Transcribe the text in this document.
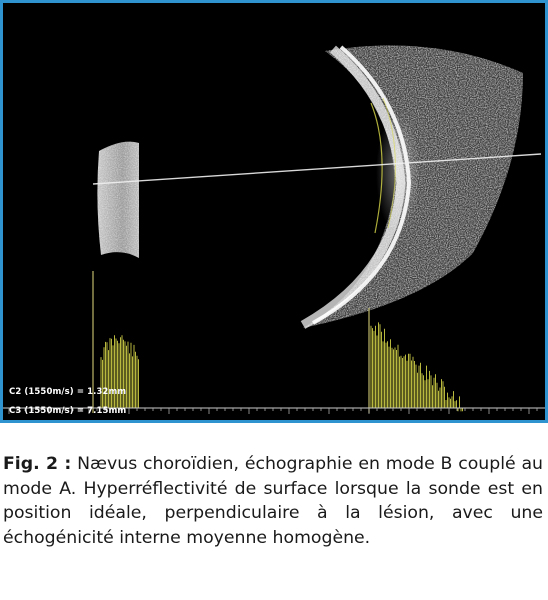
C2 (1550m/s) = 1.32mm
C3 (1550m/s) = 7.15mm

Fig. 2 : Nævus choroïdien, échographie en mode B couplé au mode A. Hyperréflectivité de surface lorsque la sonde est en position idéale, perpendiculaire à la lésion, avec une échogénicité interne moyenne homogène.
